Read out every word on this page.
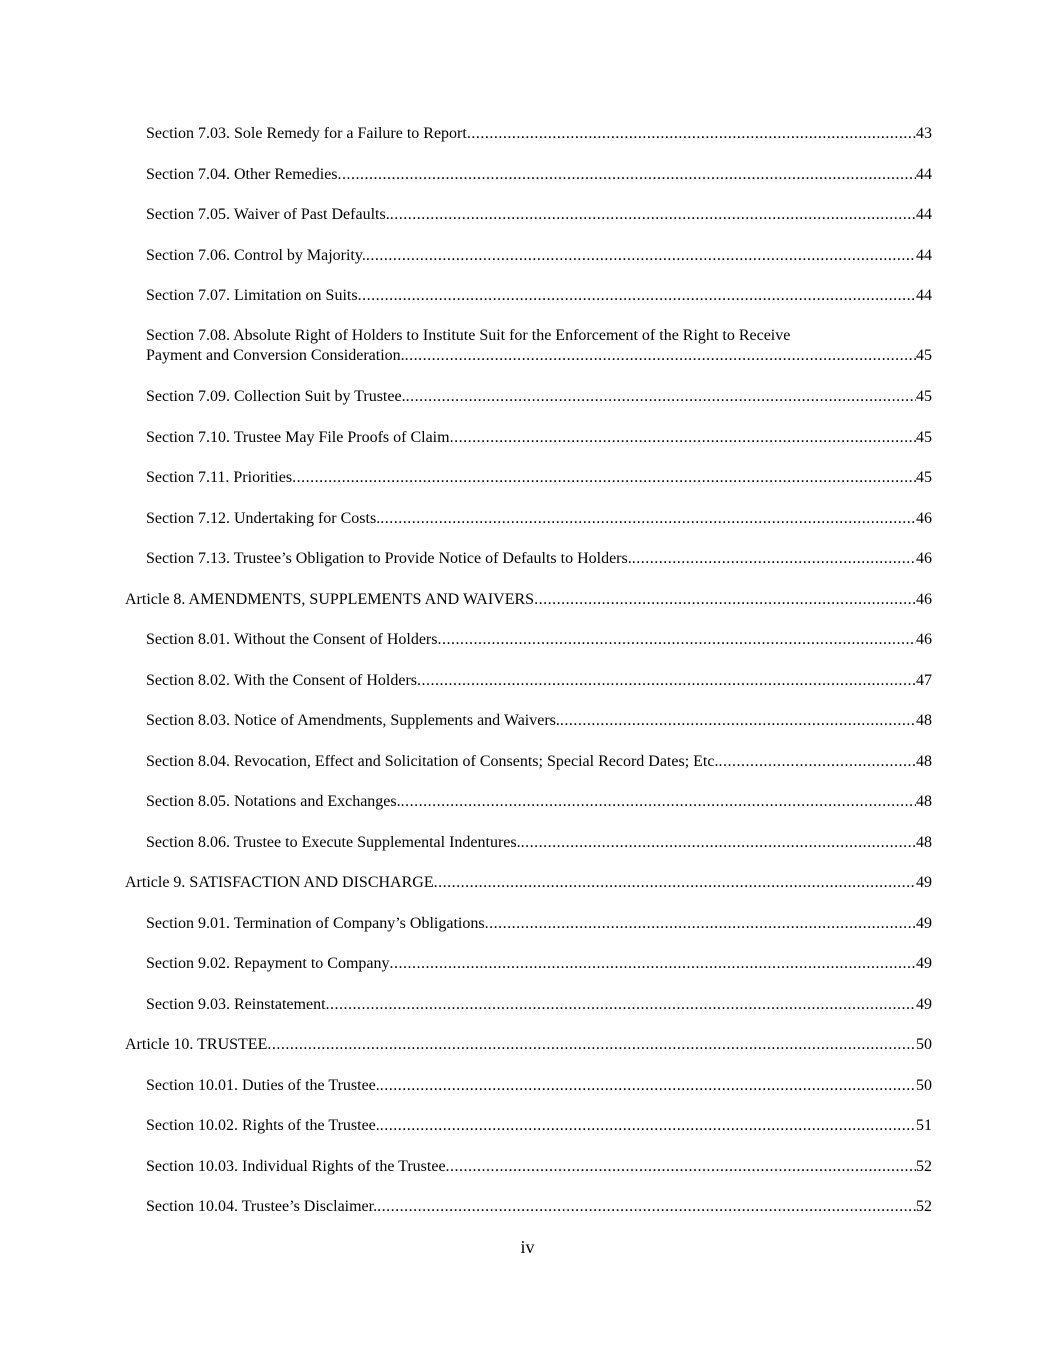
Section 7.03. Sole Remedy for a Failure to Report .....	43
Section 7.04. Other Remedies .....	44
Section 7.05. Waiver of Past Defaults. .....	44
Section 7.06. Control by Majority. .....	44
Section 7.07. Limitation on Suits .....	44
Section 7.08. Absolute Right of Holders to Institute Suit for the Enforcement of the Right to Receive
Payment and Conversion Consideration. .....	45
Section 7.09. Collection Suit by Trustee. .....	45
Section 7.10. Trustee May File Proofs of Claim .....	45
Section 7.11. Priorities .....	45
Section 7.12. Undertaking for Costs. .....	46
Section 7.13. Trustee’s Obligation to Provide Notice of Defaults to Holders. .....	46
Article 8. AMENDMENTS, SUPPLEMENTS AND WAIVERS .....	46
Section 8.01. Without the Consent of Holders .....	46
Section 8.02. With the Consent of Holders .....	47
Section 8.03. Notice of Amendments, Supplements and Waivers. .....	48
Section 8.04. Revocation, Effect and Solicitation of Consents; Special Record Dates; Etc. .....	48
Section 8.05. Notations and Exchanges. .....	48
Section 8.06. Trustee to Execute Supplemental Indentures. .....	48
Article 9. SATISFACTION AND DISCHARGE .....	49
Section 9.01. Termination of Company’s Obligations .....	49
Section 9.02. Repayment to Company .....	49
Section 9.03. Reinstatement .....	49
Article 10. TRUSTEE .....	50
Section 10.01. Duties of the Trustee. .....	50
Section 10.02. Rights of the Trustee. .....	51
Section 10.03. Individual Rights of the Trustee .....	52
Section 10.04. Trustee’s Disclaimer. .....	52
iv
